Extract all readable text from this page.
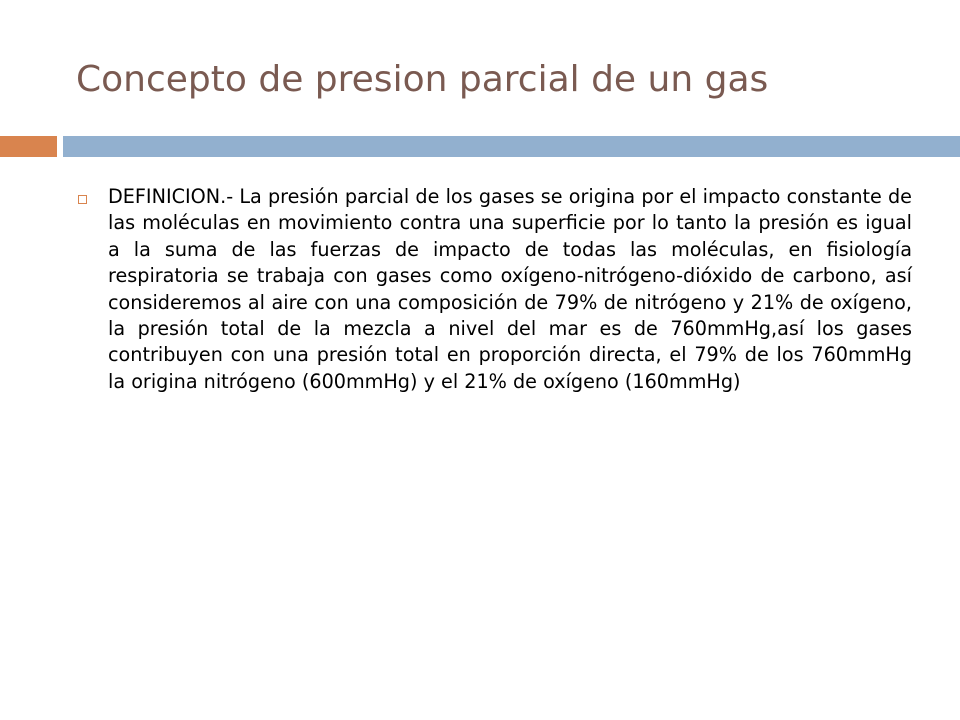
Concepto de presion parcial de un gas
DEFINICION.- La presión parcial de los gases se origina por el impacto constante de las moléculas en movimiento contra una superficie por lo tanto la presión es igual a la suma de las fuerzas de impacto de todas las moléculas, en fisiología respiratoria se trabaja con gases como oxígeno-nitrógeno-dióxido de carbono, así consideremos al aire con una composición de 79% de nitrógeno y 21% de oxígeno, la presión total de la mezcla a nivel del mar es de 760mmHg,así los gases contribuyen con una presión total en proporción directa, el 79% de los 760mmHg la origina nitrógeno (600mmHg) y el 21% de oxígeno (160mmHg)
